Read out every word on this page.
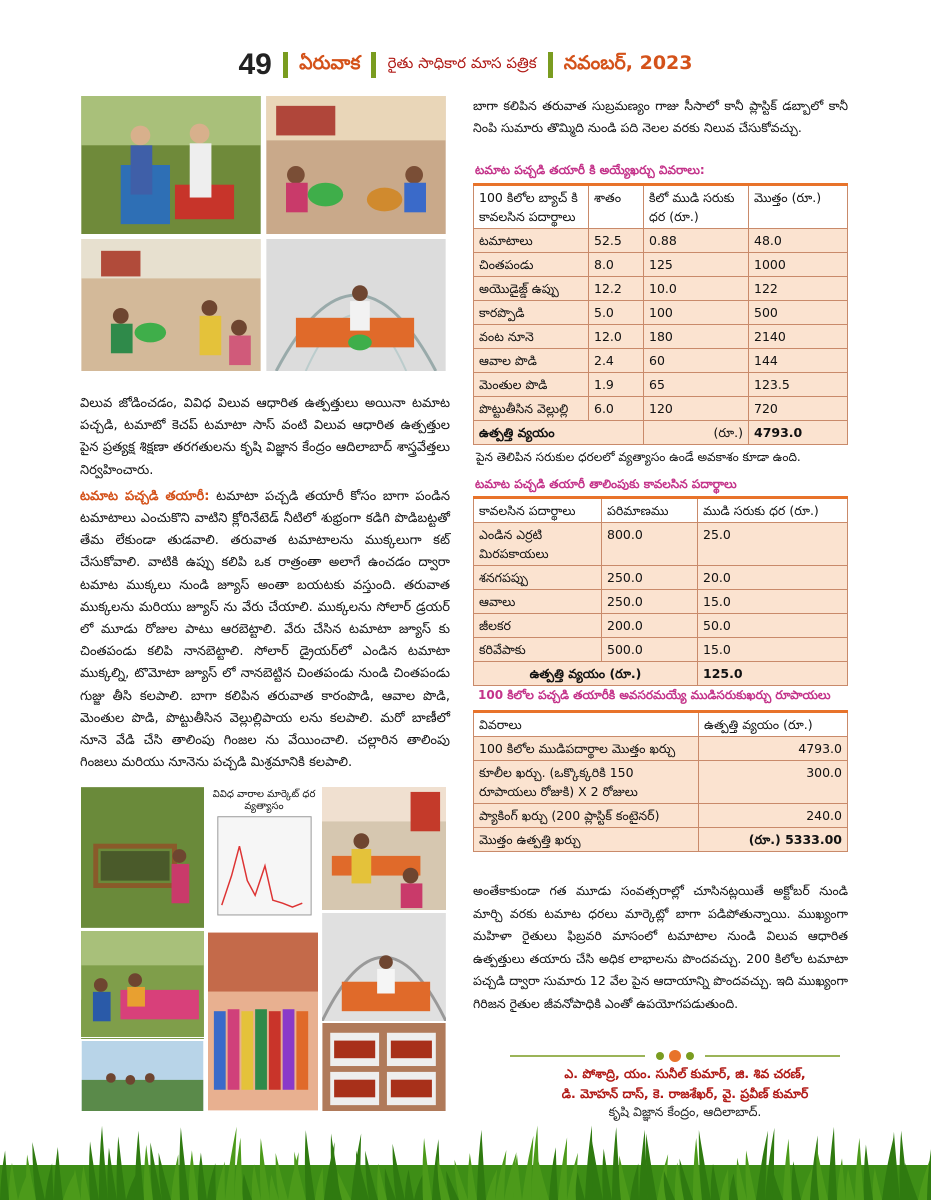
49 ఏరువాక రైతు సాధికార మాస పత్రిక నవంబర్, 2023

విలువ జోడించడం, వివిధ విలువ ఆధారిత ఉత్పత్తులు అయినా టమాట పచ్చడి, టమాటో కెచప్ టమాటా సాస్ వంటి విలువ ఆధారిత ఉత్పత్తుల పైన ప్రత్యక్ష శిక్షణా తరగతులను కృషి విజ్ఞాన కేంద్రం ఆదిలాబాద్ శాస్త్రవేత్తలు నిర్వహించారు.

టమాట పచ్చడి తయారీ: టమాటా పచ్చడి తయారీ కోసం బాగా పండిన టమాటాలు ఎంచుకొని వాటిని క్లోరినేటెడ్ నీటిలో శుభ్రంగా కడిగి పొడిబట్టతో తేమ లేకుండా తుడవాలి. తరువాత టమాటాలను ముక్కలుగా కట్ చేసుకోవాలి. వాటికి ఉప్పు కలిపి ఒక రాత్రంతా అలాగే ఉంచడం ద్వారా టమాట ముక్కలు నుండి జ్యూస్ అంతా బయటకు వస్తుంది. తరువాత ముక్కలను మరియు జ్యూస్ ను వేరు చేయాలి. ముక్కలను సోలార్ డ్రయర్ లో మూడు రోజుల పాటు ఆరబెట్టాలి. వేరు చేసిన టమాటా జ్యూస్ కు చింతపండు కలిపి నానబెట్టాలి. సోలార్ డ్రైయర్‌లో ఎండిన టమాటా ముక్కల్ని, టొమోటా జ్యూస్ లో నానబెట్టిన చింతపండు నుండి చింతపండు గుజ్జు తీసి కలపాలి. బాగా కలిపిన తరువాత కారంపొడి, ఆవాల పొడి, మెంతుల పొడి, పొట్టుతీసిన వెల్లుల్లిపాయ లను కలపాలి. మరో బాణీలో నూనె వేడి చేసి తాలింపు గింజల ను వేయించాలి. చల్లారిన తాలింపు గింజలు మరియు నూనెను పచ్చడి మిశ్రమానికి కలపాలి.

వివిధ వారాల మార్కెట్ ధర వ్యత్యాసం

బాగా కలిపిన తరువాత సుబ్రమణ్యం గాజు సీసాలో కానీ ప్లాస్టిక్ డబ్బాలో కానీ నింపి సుమారు తొమ్మిది నుండి పది నెలల వరకు నిలువ చేసుకోవచ్చు.

టమాట పచ్చడి తయారీ కి అయ్యేఖర్చు వివరాలు:
100 కిలోల బ్యాచ్ కి కావలసిన పదార్థాలు	శాతం	కిలో ముడి సరుకు ధర (రూ.)	మొత్తం (రూ.)
టమాటాలు	52.5	0.88	48.0
చింతపండు	8.0	125	1000
అయొడైజ్డ్ ఉప్పు	12.2	10.0	122
కారప్పొడి	5.0	100	500
వంట నూనె	12.0	180	2140
ఆవాల పొడి	2.4	60	144
మెంతుల పొడి	1.9	65	123.5
పొట్టుతీసిన వెల్లుల్లి	6.0	120	720
ఉత్పత్తి వ్యయం		(రూ.)	4793.0
పైన తెలిపిన సరుకుల ధరలలో వ్యత్యాసం ఉండే అవకాశం కూడా ఉంది.
టమాట పచ్చడి తయారీ తాలింపుకు కావలసిన పదార్థాలు
కావలసిన పదార్థాలు	పరిమాణము	ముడి సరుకు ధర (రూ.)
ఎండిన ఎర్రటి మిరపకాయలు	800.0	25.0
శనగపప్పు	250.0	20.0
ఆవాలు	250.0	15.0
జీలకర	200.0	50.0
కరివేపాకు	500.0	15.0
ఉత్పత్తి వ్యయం (రూ.)		125.0
100 కిలోల పచ్చడి తయారీకి అవసరమయ్యే ముడిసరుకుఖర్చు రూపాయలు
వివరాలు	ఉత్పత్తి వ్యయం (రూ.)
100 కిలోల ముడిపదార్థాల మొత్తం ఖర్చు	4793.0
కూలీల ఖర్చు. (ఒక్కొక్కరికి 150 రూపాయలు రోజుకి) X 2 రోజులు	300.0
ప్యాకింగ్ ఖర్చు (200 ప్లాస్టిక్ కంటైనర్)	240.0
మొత్తం ఉత్పత్తి ఖర్చు	(రూ.) 5333.00

అంతేకాకుండా గత మూడు సంవత్సరాల్లో చూసినట్లయితే అక్టోబర్ నుండి మార్చి వరకు టమాట ధరలు మార్కెట్లో బాగా పడిపోతున్నాయి. ముఖ్యంగా మహిళా రైతులు ఫిబ్రవరి మాసంలో టమాటాల నుండి విలువ ఆధారిత ఉత్పత్తులు తయారు చేసి అధిక లాభాలను పొందవచ్చు. 200 కిలోల టమాటా పచ్చడి ద్వారా సుమారు 12 వేల పైన ఆదాయాన్ని పొందవచ్చు. ఇది ముఖ్యంగా గిరిజన రైతుల జీవనోపాధికి ఎంతో ఉపయోగపడుతుంది.

ఎ. పోశాద్రి, యం. సునీల్ కుమార్, జి. శివ చరణ్,
డి. మోహన్ దాస్, కె. రాజశేఖర్, వై. ప్రవీణ్ కుమార్
కృషి విజ్ఞాన కేంద్రం, ఆదిలాబాద్.
